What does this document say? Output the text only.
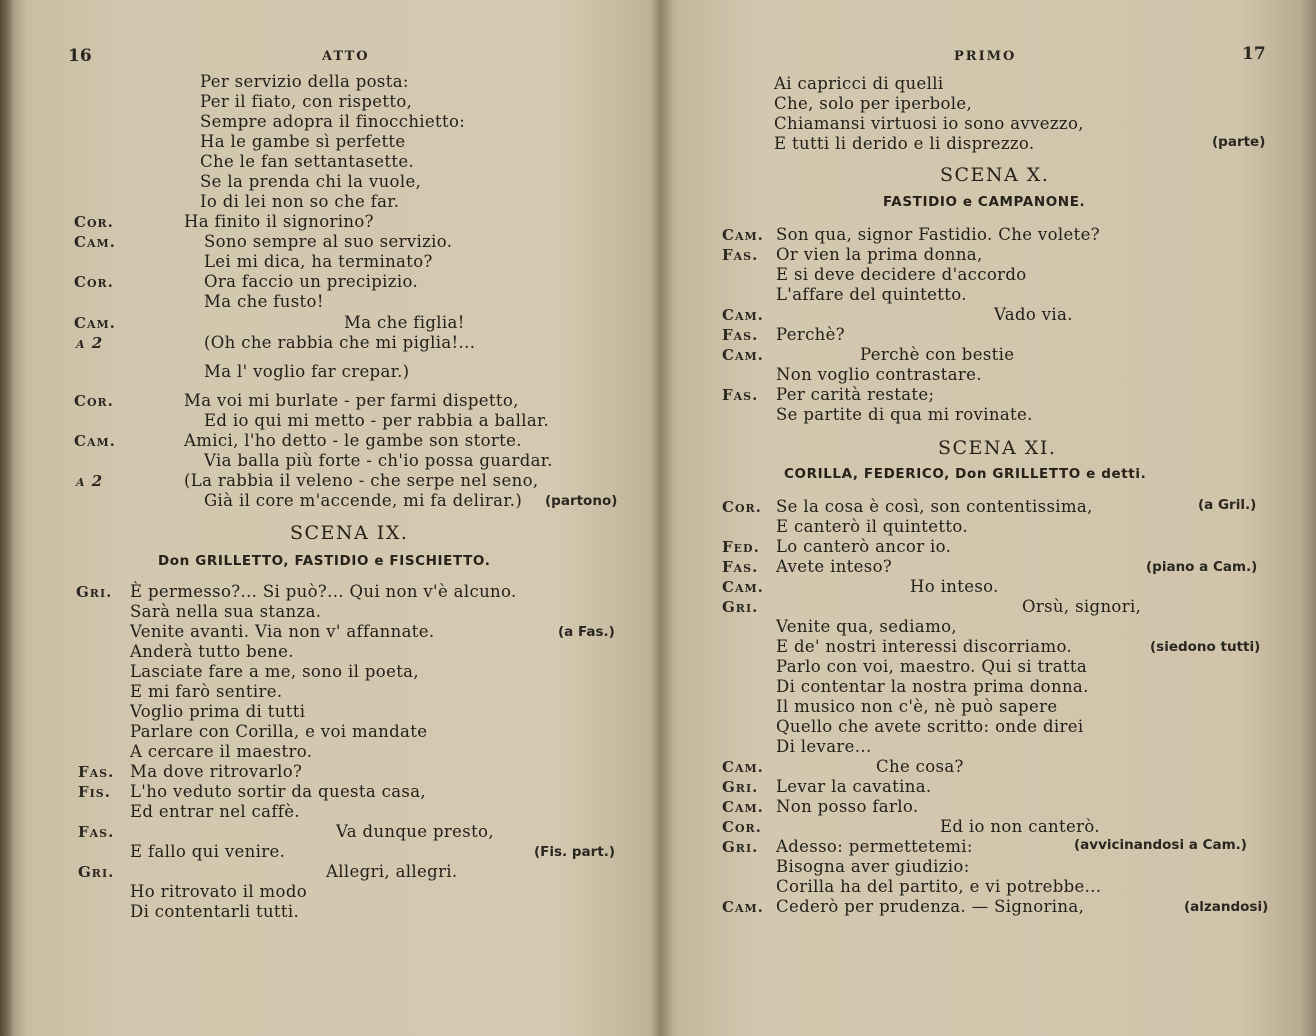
16	ATTO
Per servizio della posta:
Per il fiato, con rispetto,
Sempre adopra il finocchietto:
Ha le gambe sì perfette
Che le fan settantasette.
Se la prenda chi la vuole,
Io di lei non so che far.
Cor.	Ha finito il signorino?
Cam.	Sono sempre al suo servizio.
Lei mi dica, ha terminato?
Cor.	Ora faccio un precipizio.
Ma che fusto!
Cam.	Ma che figlia!
a 2	(Oh che rabbia che mi piglia!...
Ma l' voglio far crepar.)
Cor.	Ma voi mi burlate - per farmi dispetto,
Ed io qui mi metto - per rabbia a ballar.
Cam.	Amici, l'ho detto - le gambe son storte.
Via balla più forte - ch'io possa guardar.
a 2	(La rabbia il veleno - che serpe nel seno,
Già il core m'accende, mi fa delirar.) (partono)
SCENA IX.
Don GRILLETTO, FASTIDIO e FISCHIETTO.
Gri. È permesso?... Si può?... Qui non v'è alcuno.
Sarà nella sua stanza.
Venite avanti. Via non v' affannate.	(a Fas.)
Anderà tutto bene.
Lasciate fare a me, sono il poeta,
E mi farò sentire.
Voglio prima di tutti
Parlare con Corilla, e voi mandate
A cercare il maestro.
Fas. Ma dove ritrovarlo?
Fis. L'ho veduto sortir da questa casa,
Ed entrar nel caffè.
Fas.	Va dunque presto,
E fallo qui venire.	(Fis. part.)
Gri.	Allegri, allegri.
Ho ritrovato il modo
Di contentarli tutti.
PRIMO	17
Ai capricci di quelli
Che, solo per iperbole,
Chiamansi virtuosi io sono avvezzo,
E tutti li derido e li disprezzo.	(parte)
SCENA X.
FASTIDIO e CAMPANONE.
Cam. Son qua, signor Fastidio. Che volete?
Fas. Or vien la prima donna,
E si deve decidere d'accordo
L'affare del quintetto.
Cam.	Vado via.
Fas. Perchè?
Cam.	Perchè con bestie
Non voglio contrastare.
Fas. Per carità restate;
Se partite di qua mi rovinate.
SCENA XI.
CORILLA, FEDERICO, Don GRILLETTO e detti.
Cor. Se la cosa è così, son contentissima,	(a Gril.)
E canterò il quintetto.
Fed. Lo canterò ancor io.
Fas. Avete inteso?	(piano a Cam.)
Cam.	Ho inteso.
Gri.	Orsù, signori,
Venite qua, sediamo,
E de' nostri interessi discorriamo.	(siedono tutti)
Parlo con voi, maestro. Qui si tratta
Di contentar la nostra prima donna.
Il musico non c'è, nè può sapere
Quello che avete scritto: onde direi
Di levare...
Cam.	Che cosa?
Gri. Levar la cavatina.
Cam. Non posso farlo.
Cor.	Ed io non canterò.
Gri. Adesso: permettetemi:	(avvicinandosi a Cam.)
Bisogna aver giudizio:
Corilla ha del partito, e vi potrebbe...
Cam. Cederò per prudenza. — Signorina,	(alzandosi)
